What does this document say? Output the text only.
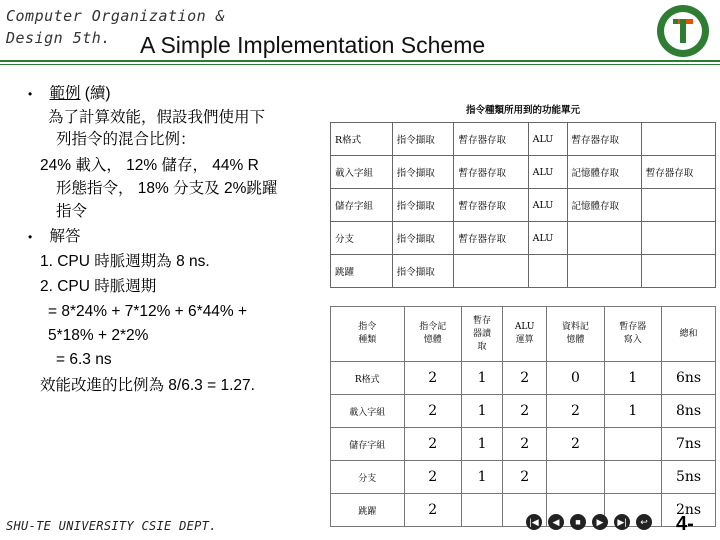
Computer Organization &
Design 5th.	A Simple Implementation Scheme
• 範例 (續)
為了計算效能，假設我們使用下
列指令的混合比例：
24% 載入， 12% 儲存， 44% R
形態指令， 18% 分支及 2%跳躍
指令
• 解答
1. CPU 時脈週期為 8 ns.
2. CPU 時脈週期
= 8*24% + 7*12% + 6*44% +
5*18% + 2*2%
= 6.3 ns
效能改進的比例為 8/6.3 = 1.27.
指令種類所用到的功能單元					
R格式	指令擷取	暫存器存取	ALU	暫存器存取	
載入字組	指令擷取	暫存器存取	ALU	記憶體存取	暫存器存取
儲存字組	指令擷取	暫存器存取	ALU	記憶體存取	
分支	指令擷取	暫存器存取	ALU		
跳躍	指令擷取				
指令
種類	指令記
憶體	暫存
器讀
取	ALU
運算	資料記
憶體	暫存器
寫入	總和
R格式	2	1	2	0	1	6ns
載入字組	2	1	2	2	1	8ns
儲存字組	2	1	2	2		7ns
分支	2	1	2			5ns
跳躍	2					2ns
SHU-TE UNIVERSITY CSIE DEPT.	|◀	◀	■	▶	▶|	↩ 4-
